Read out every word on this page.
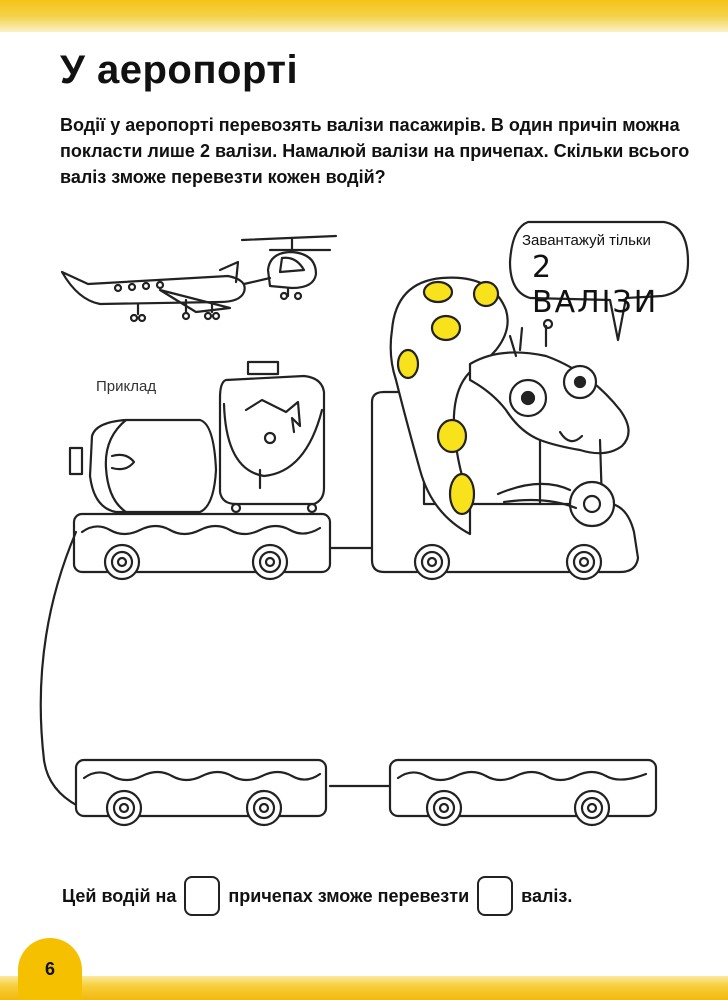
У аеропорті

Водії у аеропорті перевозять валізи пасажирів. В один причіп можна покласти лише 2 валізи. Намалюй валізи на причепах. Скільки всього валіз зможе перевезти кожен водій?

Приклад
Завантажуй тільки
2 ВАЛІЗИ
Цей водій на	причепах зможе перевезти	валіз.
6
